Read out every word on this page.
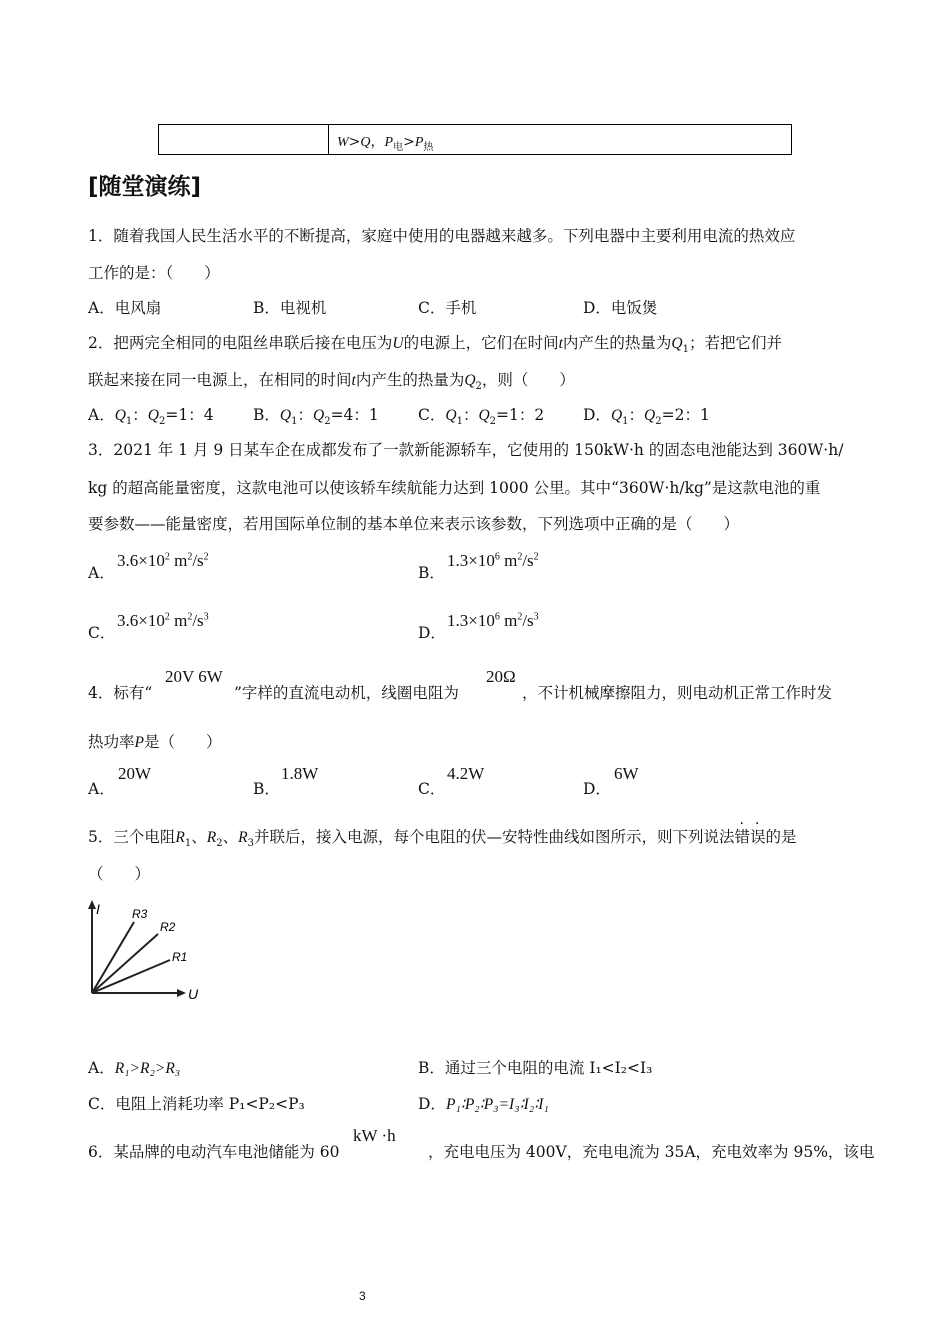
W>Q，$P_电>P_热$
[随堂演练]
1．随着我国人民生活水平的不断提高，家庭中使用的电器越来越多。下列电器中主要利用电流的热效应
工作的是：（　　）
A．电风扇	B．电视机	C．手机	D．电饭煲
2．把两完全相同的电阻丝串联后接在电压为U的电源上，它们在时间t内产生的热量为$Q_1$；若把它们并
联起来接在同一电源上，在相同的时间t内产生的热量为$Q_2$，则（　　）
A．$Q_1$：$Q_2=1$：4	B．$Q_1$：$Q_2=4$：1	C．$Q_1$：$Q_2=1$：2 D．$Q_1$：$Q_2=2$：1
3．2021 年 1 月 9 日某车企在成都发布了一款新能源轿车，它使用的 150kW·h 的固态电池能达到 360W·h/
kg 的超高能量密度，这款电池可以使该轿车续航能力达到 1000 公里。其中“360W·h/kg”是这款电池的重
要参数——能量密度，若用国际单位制的基本单位来表示该参数，下列选项中正确的是（　　）
A．
$3.6\times 10^2$ $m^2/s^2$
B．
$1.3\times 10^6$ $m^2/s^2$
C．
$3.6\times 10^2$ $m^2/s^3$
D．
$1.3\times 10^6$ $m^2/s^3$
4．标有“
20V 6W
”字样的直流电动机，线圈电阻为
20Ω
，不计机械摩擦阻力，则电动机正常工作时发
热功率P是（　　）
A．
20W
B．
1.8W
C．
4.2W
D．
6W
5．三个电阻$R_1$、$R_2$、$R_3$并联后，接入电源，每个电阻的伏—安特性曲线如图所示，则下列说法错误的是
（　　）
I
U
R3
R2
R1
A．R₁>R₂>R₃	B．通过三个电阻的电流 I₁<I₂<I₃
C．电阻上消耗功率 P₁<P₂<P₃	D．P₁∶P₂∶P₃=I₃∶I₂∶I₁
6．某品牌的电动汽车电池储能为 60
kW ·h
，充电电压为 400V，充电电流为 35A，充电效率为 95%，该电
3
